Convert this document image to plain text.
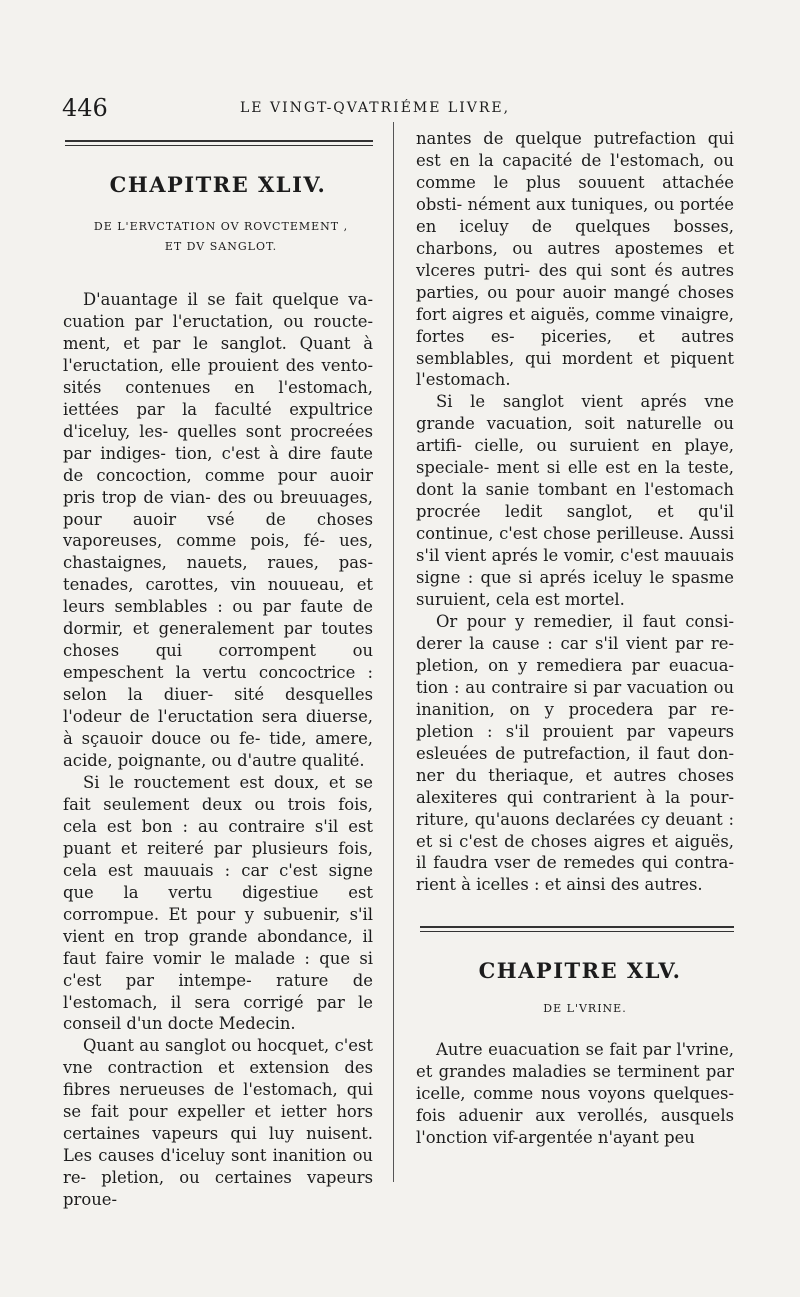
446	LE VINGT-QVATRIÉME LIVRE,
CHAPITRE XLIV.
DE L'ERVCTATION OV ROVCTEMENT ,
ET DV SANGLOT.

D'auantage il se fait quelque va- cuation par l'eructation, ou roucte- ment, et par le sanglot. Quant à l'eructation, elle prouient des vento- sités contenues en l'estomach, iettées par la faculté expultrice d'iceluy, les- quelles sont procreées par indiges- tion, c'est à dire faute de concoction, comme pour auoir pris trop de vian- des ou breuuages, pour auoir vsé de choses vaporeuses, comme pois, fé- ues, chastaignes, nauets, raues, pas- tenades, carottes, vin nouueau, et leurs semblables : ou par faute de dormir, et generalement par toutes choses qui corrompent ou empeschent la vertu concoctrice : selon la diuer- sité desquelles l'odeur de l'eructation sera diuerse, à sçauoir douce ou fe- tide, amere, acide, poignante, ou d'autre qualité.

Si le rouctement est doux, et se fait seulement deux ou trois fois, cela est bon : au contraire s'il est puant et reiteré par plusieurs fois, cela est mauuais : car c'est signe que la vertu digestiue est corrompue. Et pour y subuenir, s'il vient en trop grande abondance, il faut faire vomir le malade : que si c'est par intempe- rature de l'estomach, il sera corrigé par le conseil d'un docte Medecin.

Quant au sanglot ou hocquet, c'est vne contraction et extension des fibres nerueuses de l'estomach, qui se fait pour expeller et ietter hors certaines vapeurs qui luy nuisent. Les causes d'iceluy sont inanition ou re- pletion, ou certaines vapeurs proue-

nantes de quelque putrefaction qui est en la capacité de l'estomach, ou comme le plus souuent attachée obsti- nément aux tuniques, ou portée en iceluy de quelques bosses, charbons, ou autres apostemes et vlceres putri- des qui sont és autres parties, ou pour auoir mangé choses fort aigres et aiguës, comme vinaigre, fortes es- piceries, et autres semblables, qui mordent et piquent l'estomach.

Si le sanglot vient aprés vne grande vacuation, soit naturelle ou artifi- cielle, ou suruient en playe, speciale- ment si elle est en la teste, dont la sanie tombant en l'estomach procrée ledit sanglot, et qu'il continue, c'est chose perilleuse. Aussi s'il vient aprés le vomir, c'est mauuais signe : que si aprés iceluy le spasme suruient, cela est mortel.

Or pour y remedier, il faut consi- derer la cause : car s'il vient par re- pletion, on y remediera par euacua- tion : au contraire si par vacuation ou inanition, on y procedera par re- pletion : s'il prouient par vapeurs esleuées de putrefaction, il faut don- ner du theriaque, et autres choses alexiteres qui contrarient à la pour- riture, qu'auons declarées cy deuant : et si c'est de choses aigres et aiguës, il faudra vser de remedes qui contra- rient à icelles : et ainsi des autres.

CHAPITRE XLV.
DE L'VRINE.

Autre euacuation se fait par l'vrine, et grandes maladies se terminent par icelle, comme nous voyons quelques- fois aduenir aux verollés, ausquels l'onction vif-argentée n'ayant peu
